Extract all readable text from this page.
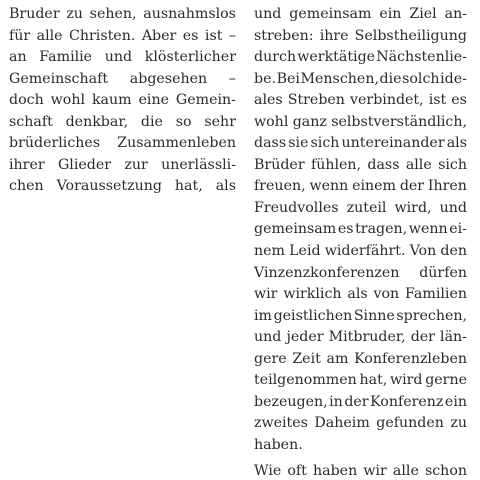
Bruder zu sehen, ausnahmslos
für alle Christen. Aber es ist –
an Familie und klösterlicher
Gemeinschaft abgesehen –
doch wohl kaum eine Gemein-
schaft denkbar, die so sehr
brüderliches Zusammenleben
ihrer Glieder zur unerlässli-
chen Voraussetzung hat, als
und gemeinsam ein Ziel an-
streben: ihre Selbstheiligung
durch werktätige Nächstenlie-
be. Bei Menschen, die solch ide-
ales Streben verbindet, ist es
wohl ganz selbstverständlich,
dass sie sich untereinander als
Brüder fühlen, dass alle sich
freuen, wenn einem der Ihren
Freudvolles zuteil wird, und
gemeinsam es tragen, wenn ei-
nem Leid widerfährt. Von den
Vinzenzkonferenzen dürfen
wir wirklich als von Familien
im geistlichen Sinne sprechen,
und jeder Mitbruder, der län-
gere Zeit am Konferenzleben
teilgenommen hat, wird gerne
bezeugen, in der Konferenz ein
zweites Daheim gefunden zu
haben.
Wie oft haben wir alle schon
